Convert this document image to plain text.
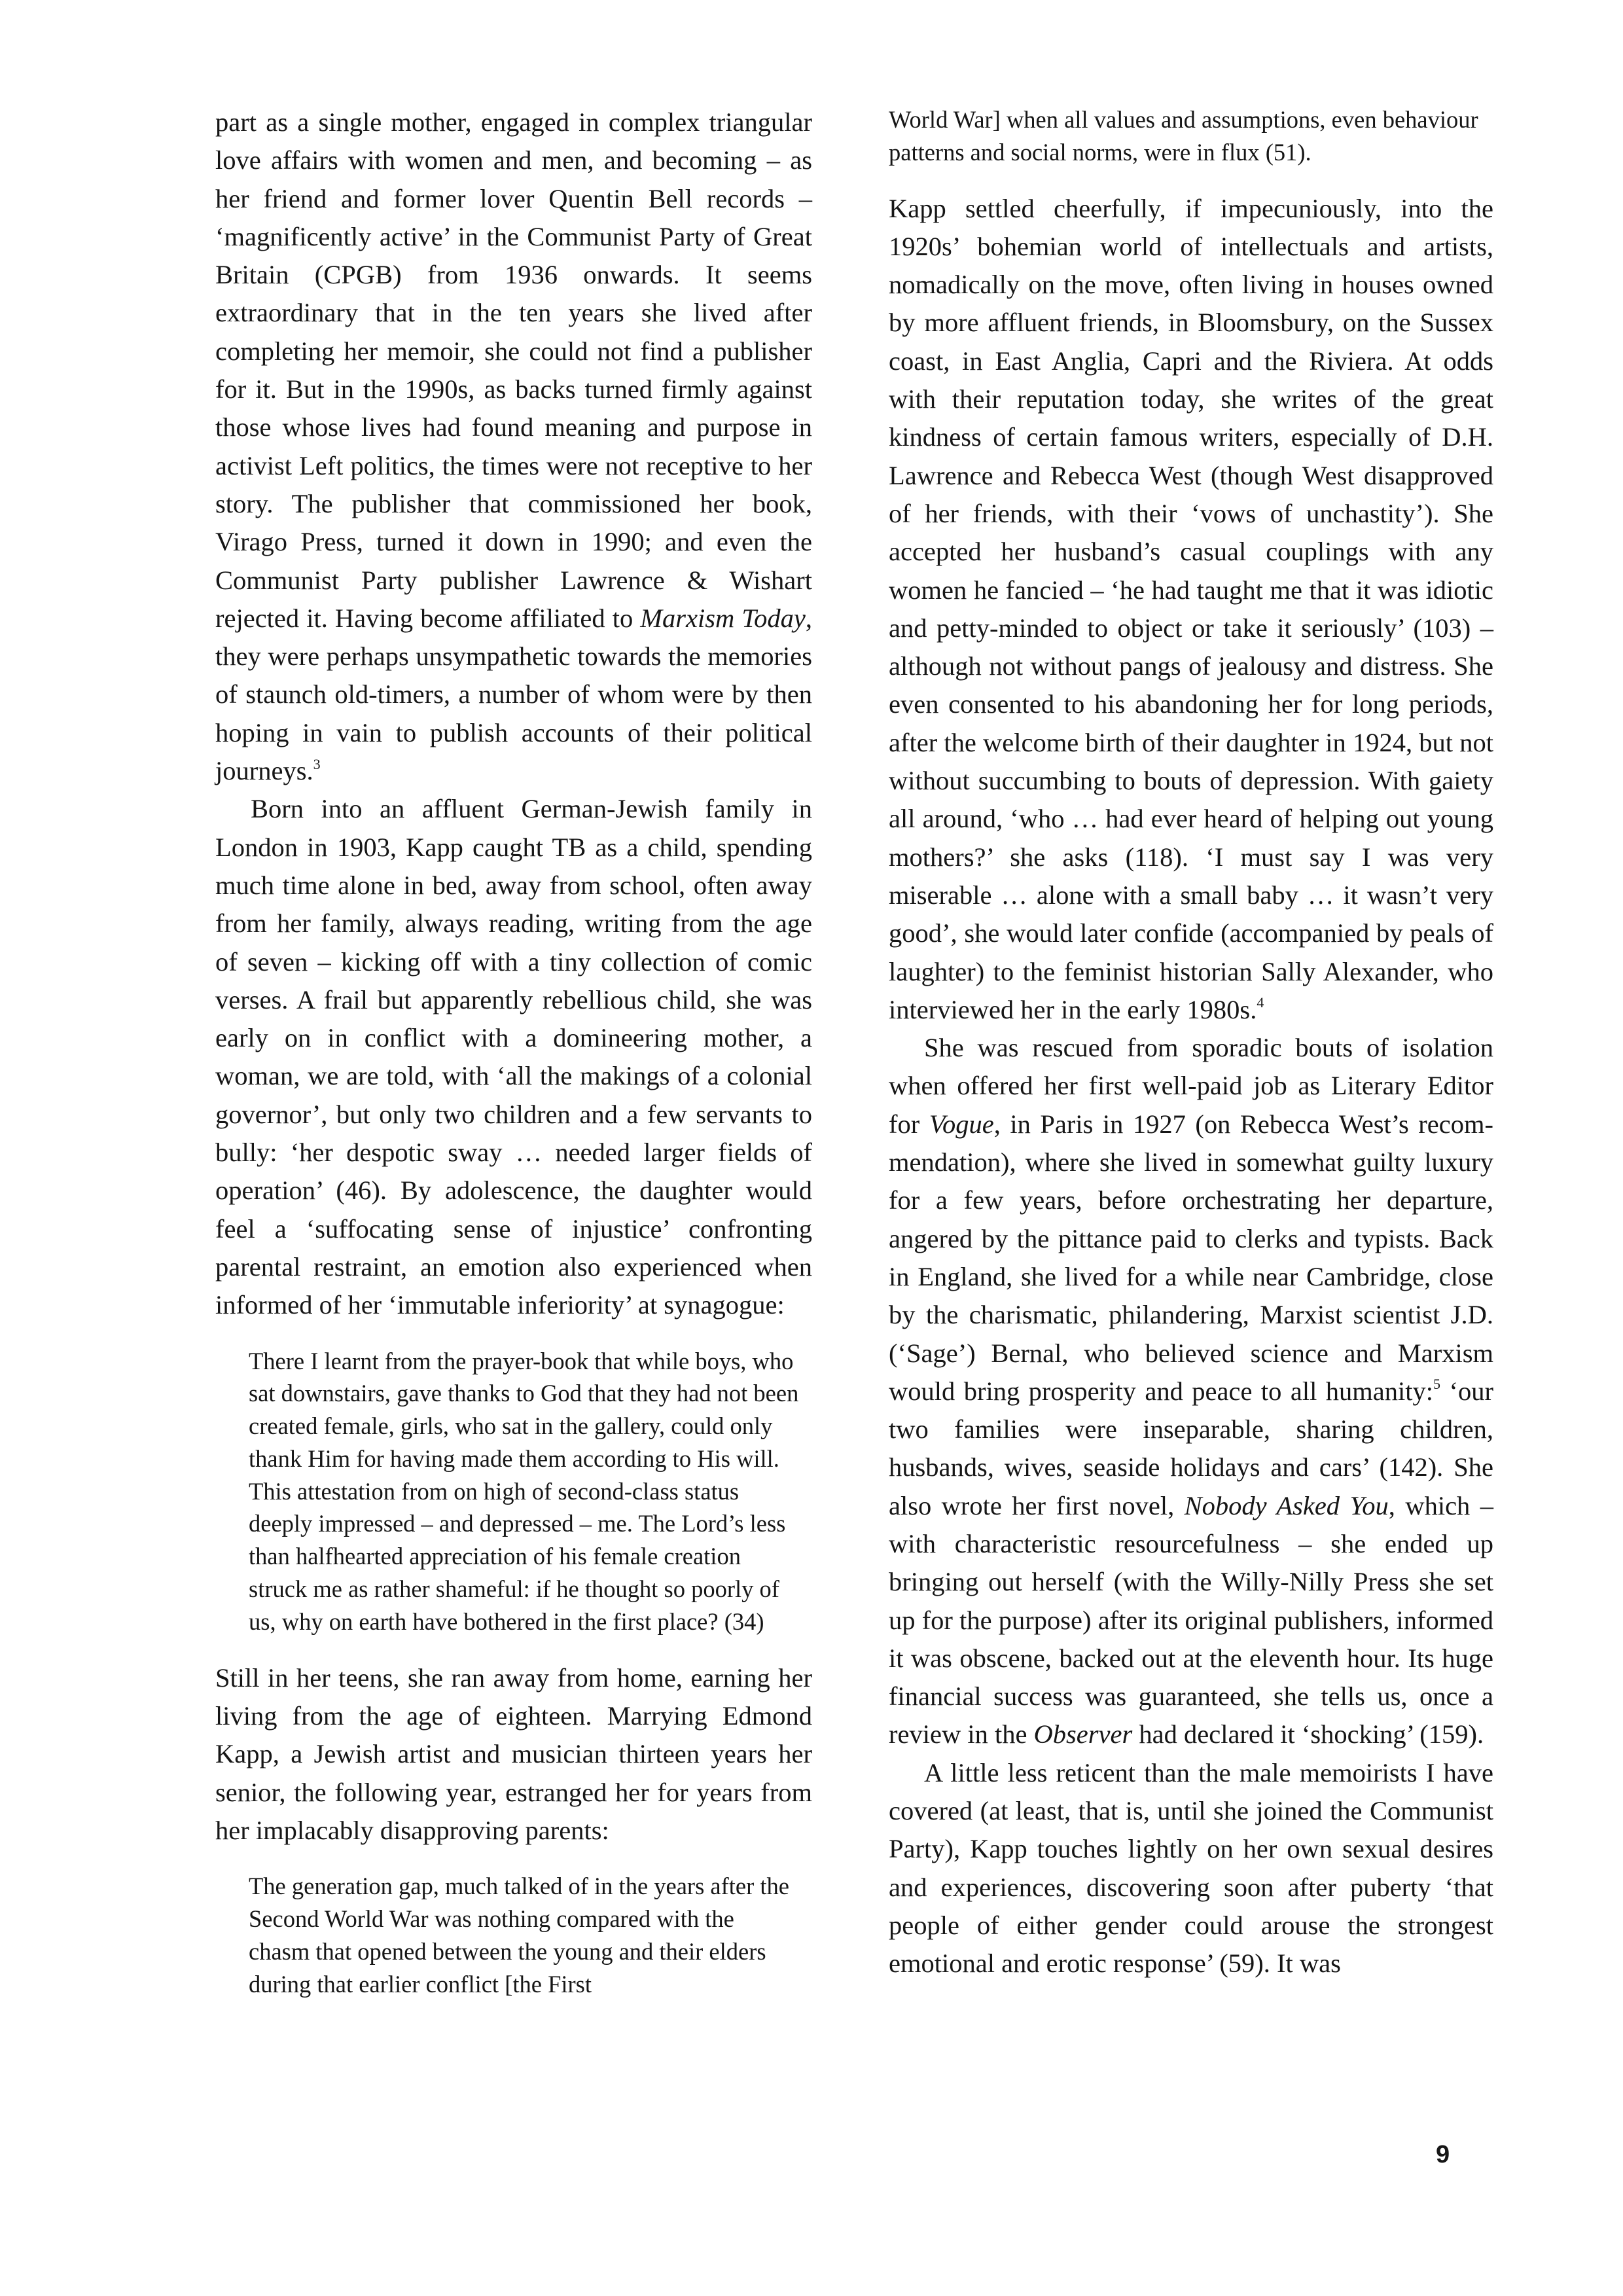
part as a single mother, engaged in complex triangular love affairs with women and men, and becoming – as her friend and former lover Quentin Bell records – ‘magnificently active’ in the Communist Party of Great Britain (CPGB) from 1936 onwards. It seems extraordinary that in the ten years she lived after completing her memoir, she could not find a publisher for it. But in the 1990s, as backs turned firmly against those whose lives had found meaning and purpose in activist Left politics, the times were not receptive to her story. The publisher that commissioned her book, Virago Press, turned it down in 1990; and even the Communist Party publisher Lawrence & Wishart rejected it. Having become affiliated to Marxism Today, they were perhaps unsympathetic towards the memories of staunch old-timers, a number of whom were by then hoping in vain to publish accounts of their political journeys.$^3$

Born into an affluent German-Jewish family in London in 1903, Kapp caught TB as a child, spending much time alone in bed, away from school, often away from her family, always reading, writing from the age of seven – kicking off with a tiny collection of comic verses. A frail but apparently rebellious child, she was early on in conflict with a domineering mother, a woman, we are told, with ‘all the makings of a colonial governor’, but only two children and a few servants to bully: ‘her despotic sway … needed larger fields of operation’ (46). By adolescence, the daughter would feel a ‘suffocating sense of injustice’ confronting parental restraint, an emotion also experienced when informed of her ‘immutable inferiority’ at synagogue:

There I learnt from the prayer-book that while boys, who sat downstairs, gave thanks to God that they had not been created female, girls, who sat in the gallery, could only thank Him for having made them according to His will. This attestation from on high of second-class status deeply impressed – and depressed – me. The Lord’s less than halfhearted appreciation of his female creation struck me as rather shameful: if he thought so poorly of us, why on earth have bothered in the first place? (34)

Still in her teens, she ran away from home, earning her living from the age of eighteen. Marrying Edmond Kapp, a Jewish artist and musician thirteen years her senior, the following year, estranged her for years from her implacably disapproving parents:

The generation gap, much talked of in the years after the Second World War was nothing compared with the chasm that opened between the young and their elders during that earlier conflict [the First

World War] when all values and assumptions, even behaviour patterns and social norms, were in flux (51).

Kapp settled cheerfully, if impecuniously, into the 1920s’ bohemian world of intellectuals and artists, nomadically on the move, often living in houses owned by more affluent friends, in Bloomsbury, on the Sussex coast, in East Anglia, Capri and the Riviera. At odds with their reputation today, she writes of the great kindness of certain famous writers, especially of D.H. Lawrence and Rebecca West (though West disapproved of her friends, with their ‘vows of unchastity’). She accepted her husband’s casual couplings with any women he fancied – ‘he had taught me that it was idiotic and petty-minded to object or take it seriously’ (103) – although not without pangs of jealousy and distress. She even consented to his abandoning her for long periods, after the welcome birth of their daughter in 1924, but not without succumbing to bouts of depression. With gaiety all around, ‘who … had ever heard of helping out young mothers?’ she asks (118). ‘I must say I was very miserable … alone with a small baby … it wasn’t very good’, she would later confide (accompanied by peals of laughter) to the feminist historian Sally Alexander, who interviewed her in the early 1980s.$^4$

She was rescued from sporadic bouts of isolation when offered her first well-paid job as Literary Editor for Vogue, in Paris in 1927 (on Rebecca West’s recommendation), where she lived in somewhat guilty luxury for a few years, before orchestrating her departure, angered by the pittance paid to clerks and typists. Back in England, she lived for a while near Cambridge, close by the charismatic, philandering, Marxist scientist J.D. (‘Sage’) Bernal, who believed science and Marxism would bring prosperity and peace to all humanity:$^5$ ‘our two families were inseparable, sharing children, husbands, wives, seaside holidays and cars’ (142). She also wrote her first novel, Nobody Asked You, which – with characteristic resourcefulness – she ended up bringing out herself (with the Willy-Nilly Press she set up for the purpose) after its original publishers, informed it was obscene, backed out at the eleventh hour. Its huge financial success was guaranteed, she tells us, once a review in the Observer had declared it ‘shocking’ (159).

A little less reticent than the male memoirists I have covered (at least, that is, until she joined the Communist Party), Kapp touches lightly on her own sexual desires and experiences, discovering soon after puberty ‘that people of either gender could arouse the strongest emotional and erotic response’ (59). It was

9
